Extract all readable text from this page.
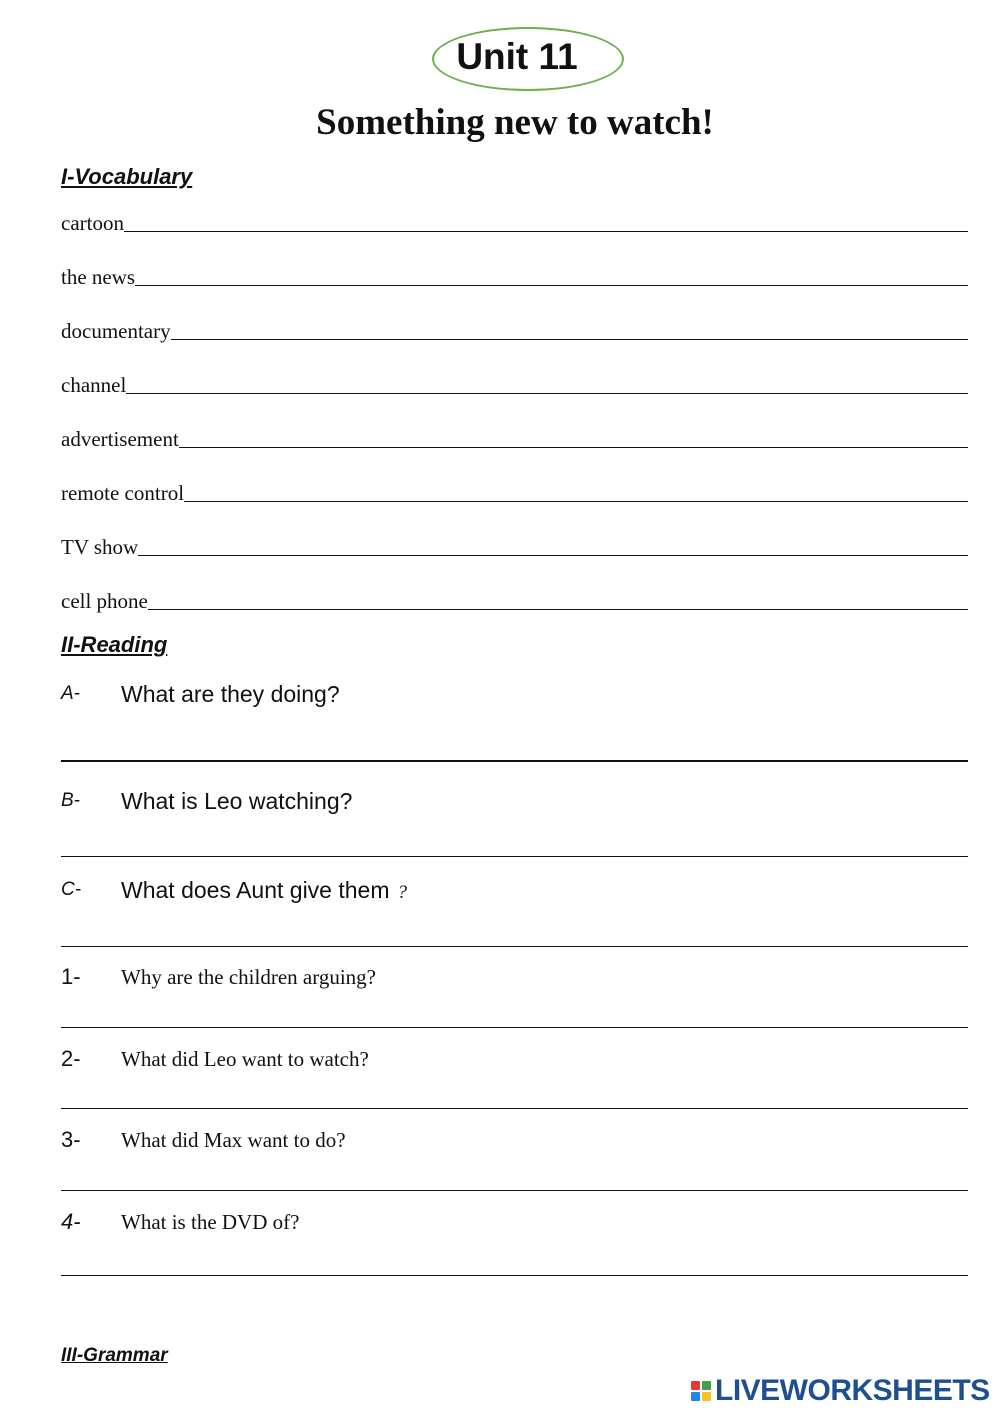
Unit 11
Something new to watch!
I-Vocabulary
cartoon
the news
documentary
channel
advertisement
remote control
TV show
cell phone
II-Reading
A- What are they doing?
B- What is Leo watching?
C- What does Aunt give them ?
1- Why are the children arguing?
2- What did Leo want to watch?
3- What did Max want to do?
4- What is the DVD of?
III-Grammar
LIVEWORKSHEETS
